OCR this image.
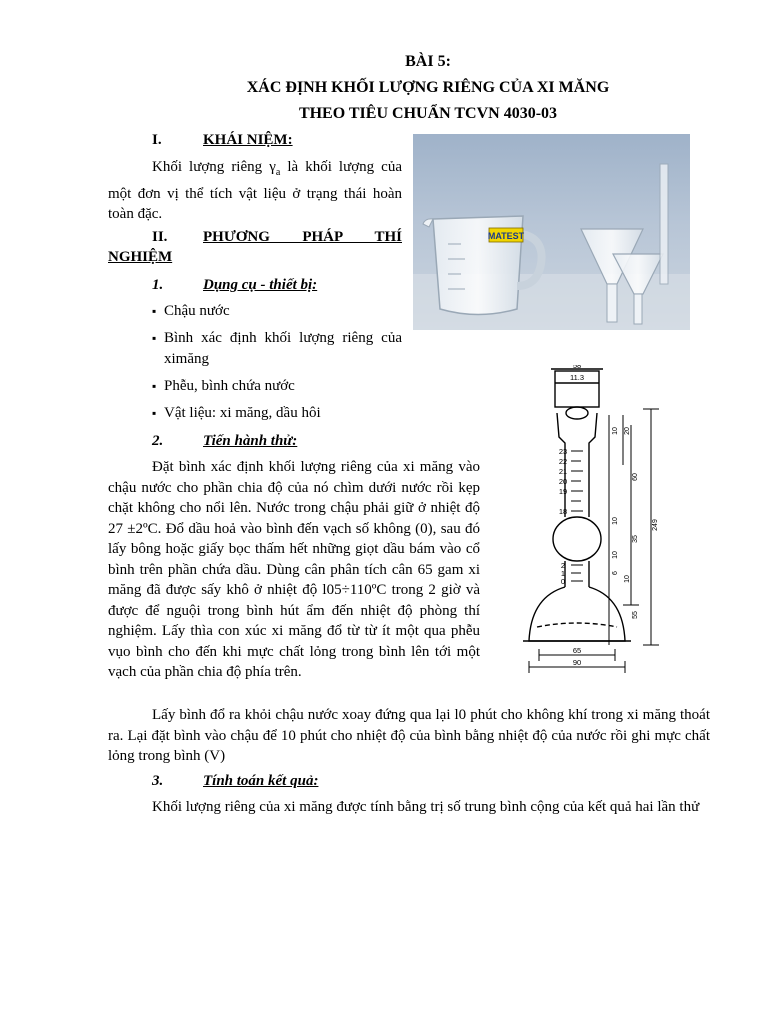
BÀI 5:
XÁC ĐỊNH KHỐI LƯỢNG RIÊNG CỦA XI MĂNG
THEO TIÊU CHUẨN TCVN 4030-03
I.	KHÁI NIỆM:
Khối lượng riêng $\gamma_a$ là khối lượng của một đơn vị thể tích vật liệu ở trạng thái hoàn toàn đặc.
II. PHƯƠNG PHÁP THÍ
NGHIỆM
1.	Dụng cụ - thiết bị:
▪ Chậu nước
▪ Bình xác định khối lượng riêng của ximăng
▪ Phễu, bình chứa nước
▪ Vật liệu: xi măng, dầu hôi
2.	Tiến hành thử:
Đặt bình xác định khối lượng riêng của xi măng vào chậu nước cho phần chia độ của nó chìm dưới nước rồi kẹp chặt không cho nổi lên. Nước trong chậu phải giữ ở nhiệt độ 27 ±2ºC. Đổ dầu hoả vào bình đến vạch số không (0), sau đó lấy bông hoặc giấy bọc thấm hết những giọt dầu bám vào cổ bình trên phần chứa dầu. Dùng cân phân tích cân 65 gam xi măng đã được sấy khô ở nhiệt độ l05÷110ºC trong 2 giờ và được để nguội trong bình hút ẩm đến nhiệt độ phòng thí nghiệm. Lấy thìa con xúc xi măng đổ từ từ ít một qua phễu vụo bình cho đến khi mực chất lỏng trong bình lên tới một vạch của phần chia độ phía trên.
Lấy bình đổ ra khỏi chậu nước xoay đứng qua lại l0 phút cho không khí trong xi măng thoát ra. Lại đặt bình vào chậu để 10 phút cho nhiệt độ của bình bằng nhiệt độ của nước rồi ghi mực chất lỏng trong bình (V)
3.	Tính toán kết quả:
Khối lượng riêng của xi măng được tính bằng trị số trung bình cộng của kết quả hai lần thử
MATEST
58
11.3
23
22
21
20
19
18
2
1
0
65
90
10 20
60
10
35
10
6
10
55
249
